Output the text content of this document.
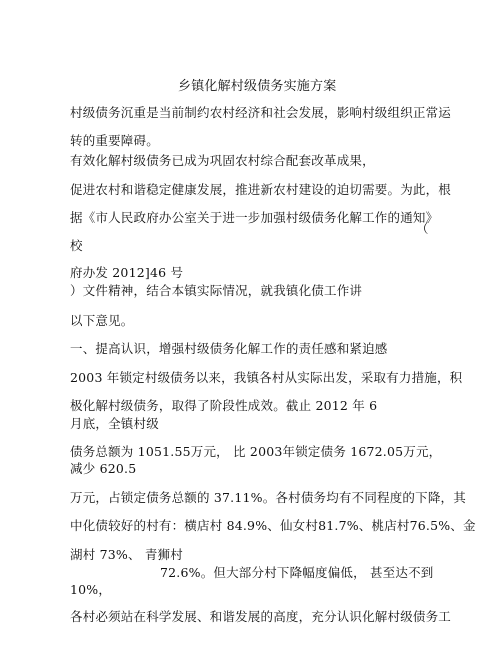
乡镇化解村级债务实施方案
村级债务沉重是当前制约农村经济和社会发展，影响村级组织正常运
转的重要障碍。
有效化解村级债务已成为巩固农村综合配套改革成果，
促进农村和谐稳定健康发展，推进新农村建设的迫切需要。为此，根
据《市人民政府办公室关于进一步加强村级债务化解工作的通知》
（
校
府办发 2012]46 号
）文件精神，结合本镇实际情况，就我镇化债工作讲
以下意见。
一、提高认识，增强村级债务化解工作的责任感和紧迫感
2003 年锁定村级债务以来，我镇各村从实际出发，采取有力措施，积
极化解村级债务，取得了阶段性成效。截止 2012 年 6
月底，全镇村级
债务总额为 1051.55万元， 比 2003年锁定债务 1672.05万元，
减少 620.5
万元，占锁定债务总额的 37.11%。各村债务均有不同程度的下降，其
中化债较好的村有：横店村 84.9%、仙女村81.7%、桃店村76.5%、金
湖村 73%、 青狮村
72.6%。但大部分村下降幅度偏低， 甚至达不到
10%，
各村必须站在科学发展、和谐发展的高度，充分认识化解村级债务工
